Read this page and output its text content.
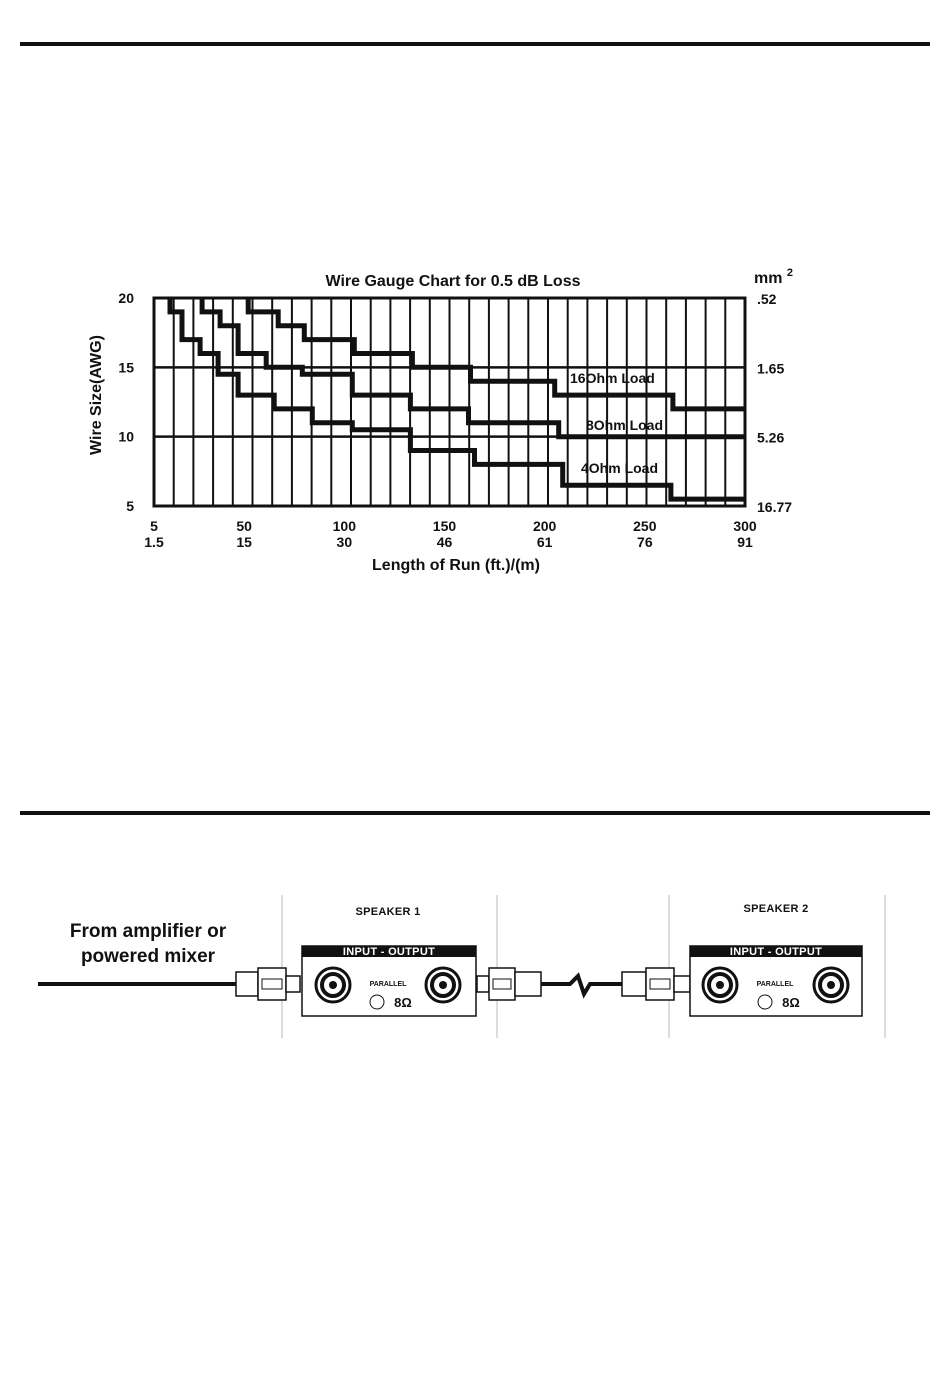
20
15
10
5
.52
1.65
5.26
16.77
5
1.5
50
15
100
30
150
46
200
61
250
76
300
91
Wire Gauge Chart for 0.5 dB Loss
Length of Run (ft.)/(m)
Wire Size(AWG)
mm $^2$
16Ohm Load
8Ohm Load
4Ohm Load
From amplifier or
powered mixer
SPEAKER 1
INPUT - OUTPUT
PARALLEL
8Ω
SPEAKER 2
INPUT - OUTPUT
PARALLEL
8Ω
